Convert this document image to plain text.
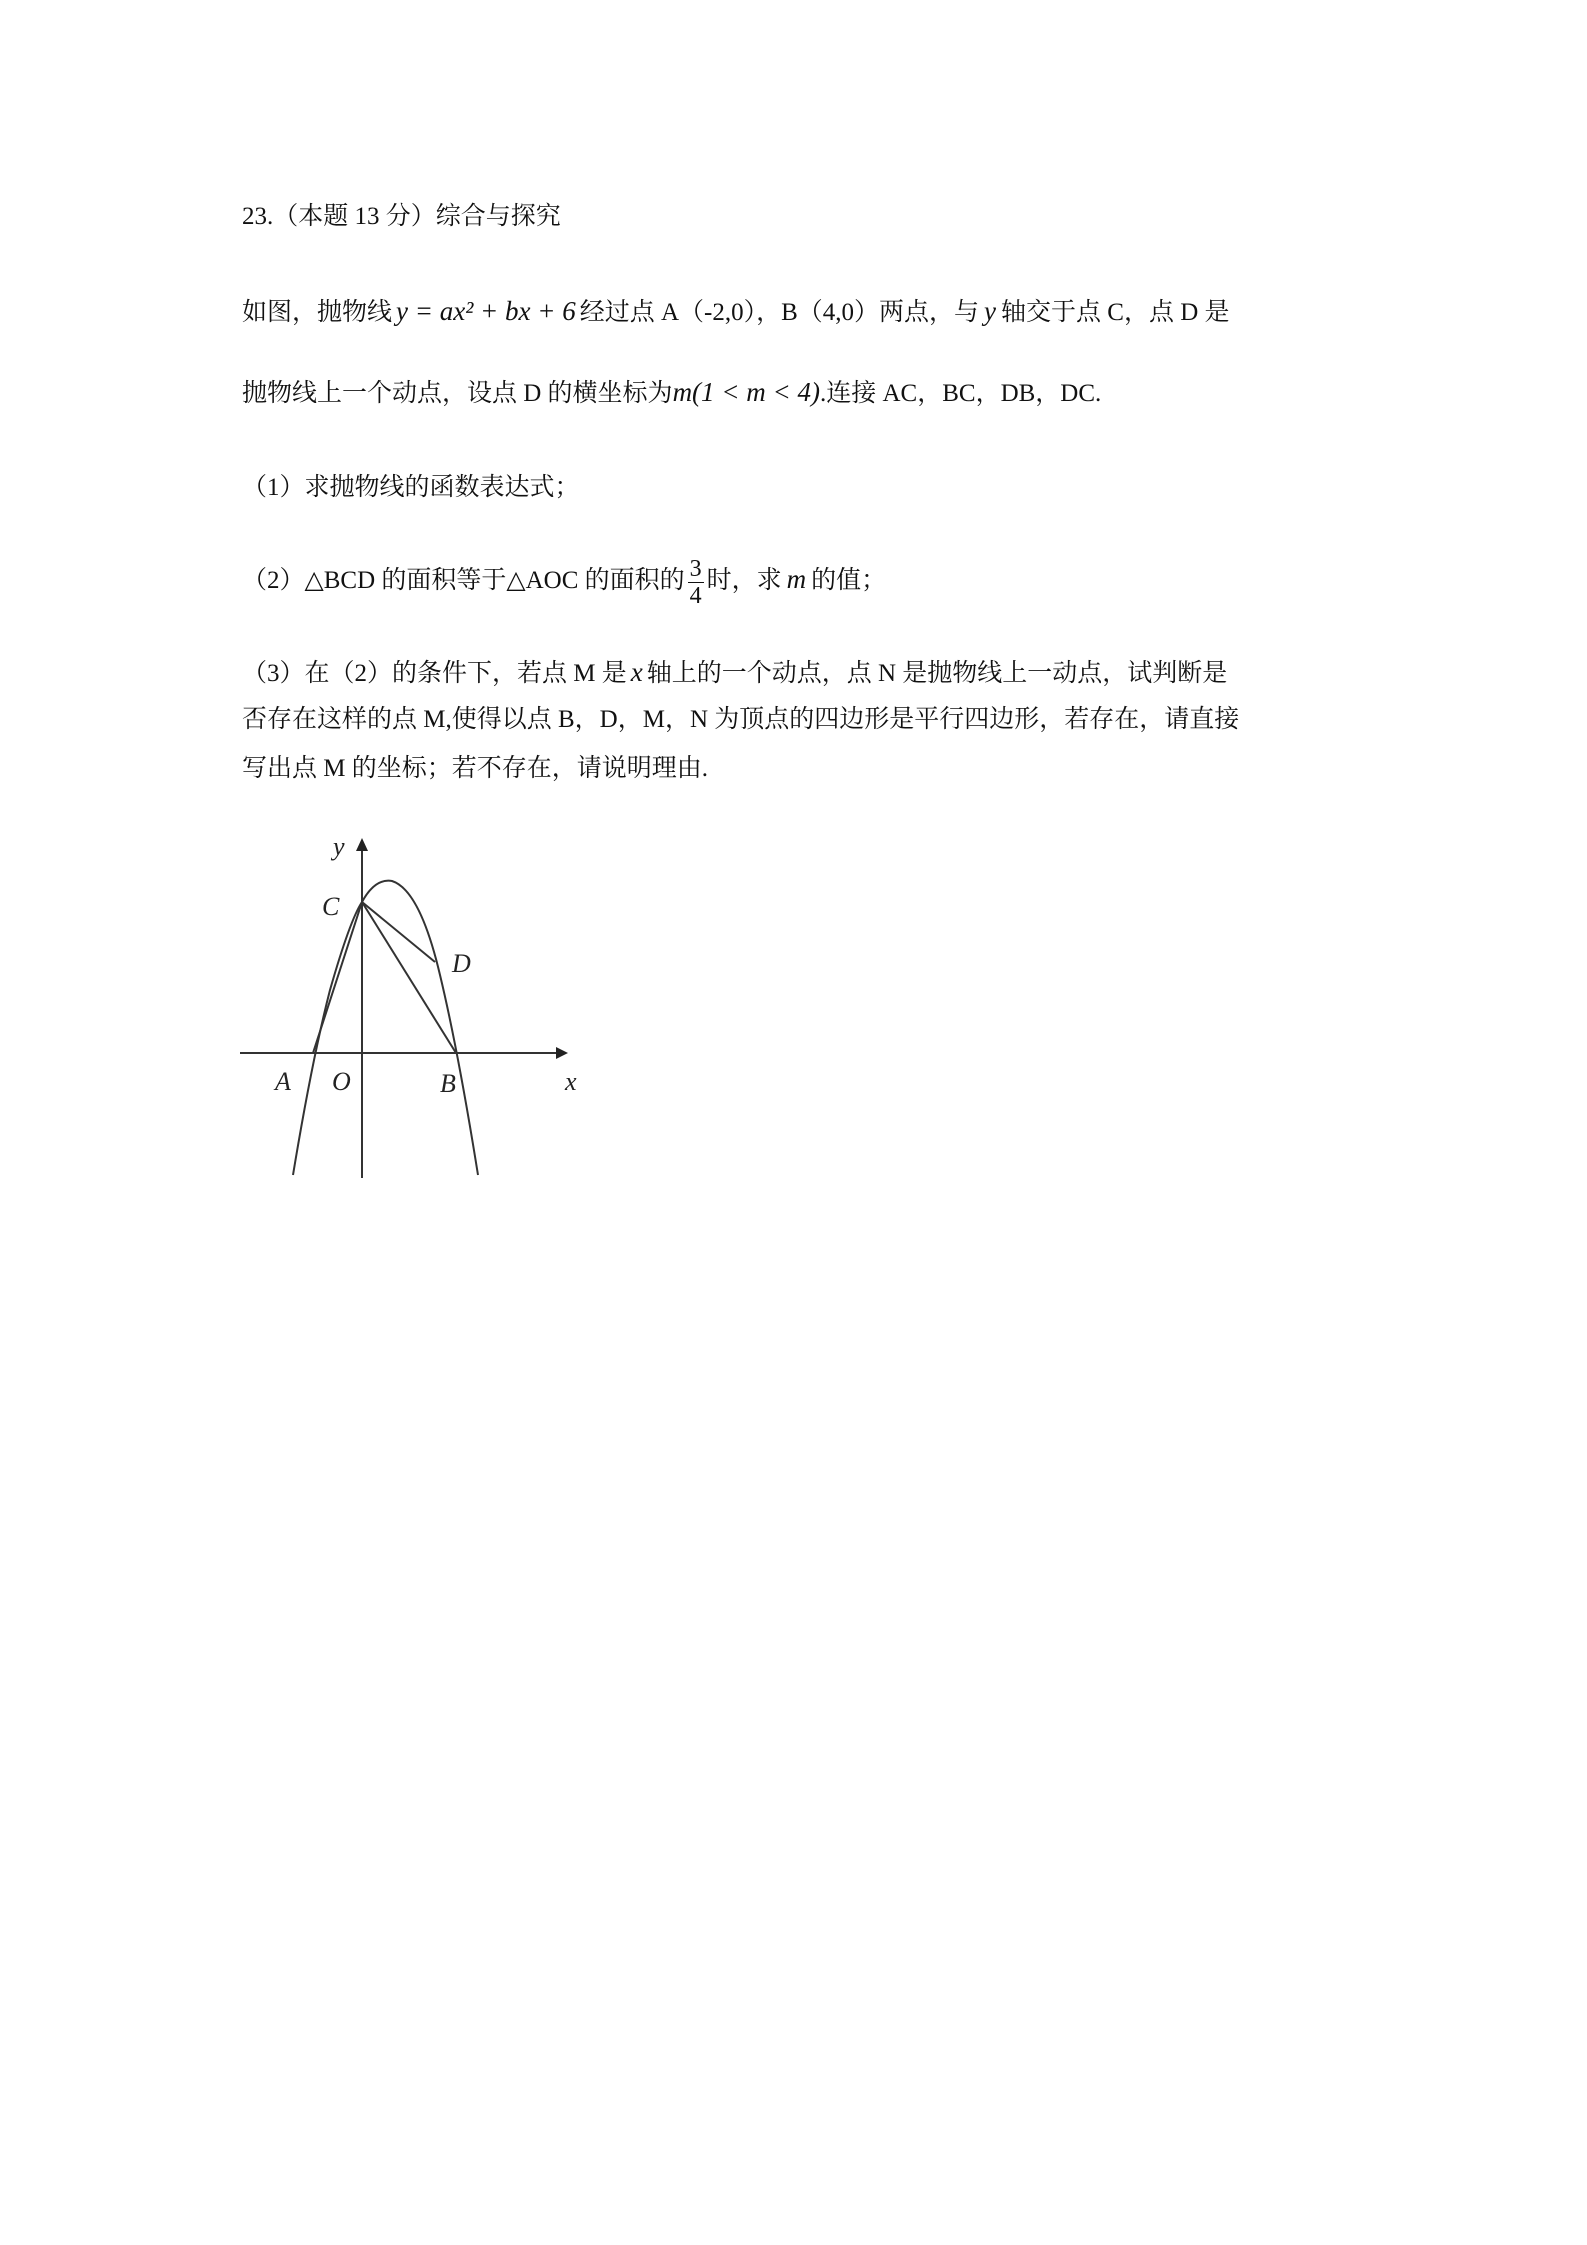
23.（本题 13 分）综合与探究
如图，抛物线 y = ax² + bx + 6 经过点 A（-2,0），B（4,0）两点，与 y 轴交于点 C，点 D 是
抛物线上一个动点，设点 D 的横坐标为m(1 < m < 4).连接 AC，BC，DB，DC.
（1）求抛物线的函数表达式；
（2）△BCD 的面积等于△AOC 的面积的 $\frac{3}{4}$ 时，求 m 的值；
（3）在（2）的条件下，若点 M 是 x 轴上的一个动点，点 N 是抛物线上一动点，试判断是
否存在这样的点 M,使得以点 B，D，M，N 为顶点的四边形是平行四边形，若存在，请直接
写出点 M 的坐标；若不存在，请说明理由.
y
x
C
D
A O	B
